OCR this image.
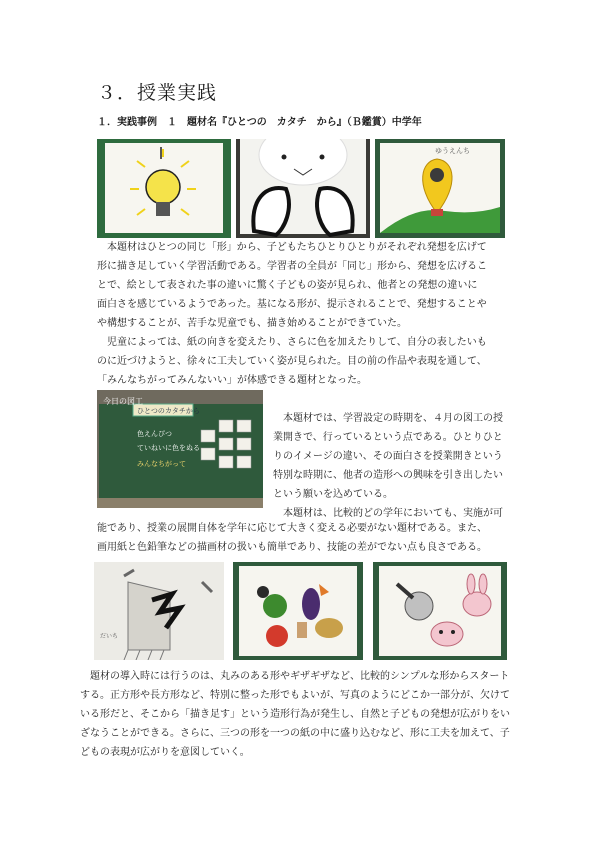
３．授業実践
１．実践事例　１　題材名『ひとつの　カタチ　から』（Ｂ鑑賞）中学年
ゆうえんち
　本題材はひとつの同じ「形」から、子どもたちひとりひとりがそれぞれ発想を広げて
形に描き足していく学習活動である。学習者の全員が「同じ」形から、発想を広げるこ
とで、絵として表された事の違いに驚く子どもの姿が見られ、他者との発想の違いに
面白さを感じているようであった。基になる形が、提示されることで、発想することや
や構想することが、苦手な児童でも、描き始めることができていた。
　児童によっては、紙の向きを変えたり、さらに色を加えたりして、自分の表したいも
のに近づけようと、徐々に工夫していく姿が見られた。目の前の作品や表現を通して、
「みんなちがってみんないい」が体感できる題材となった。
ひとつのカタチから
今日の図工
色えんぴつ
ていねいに色をぬる
みんなちがって
　本題材では、学習設定の時期を、４月の図工の授
業開きで、行っているという点である。ひとりひと
りのイメージの違い、その面白さを授業開きという
特別な時期に、他者の造形への興味を引き出したい
という願いを込めている。
　本題材は、比較的どの学年においても、実施が可
能であり、授業の展開自体を学年に応じて大きく変える必要がない題材である。また、
画用紙と色鉛筆などの描画材の扱いも簡単であり、技能の差がでない点も良さである。
だいち
　題材の導入時には行うのは、丸みのある形やギザギザなど、比較的シンプルな形からスタート
する。正方形や長方形など、特別に整った形でもよいが、写真のようにどこか一部分が、欠けて
いる形だと、そこから「描き足す」という造形行為が発生し、自然と子どもの発想が広がりをい
ざなうことができる。さらに、三つの形を一つの紙の中に盛り込むなど、形に工夫を加えて、子
どもの表現が広がりを意図していく。
